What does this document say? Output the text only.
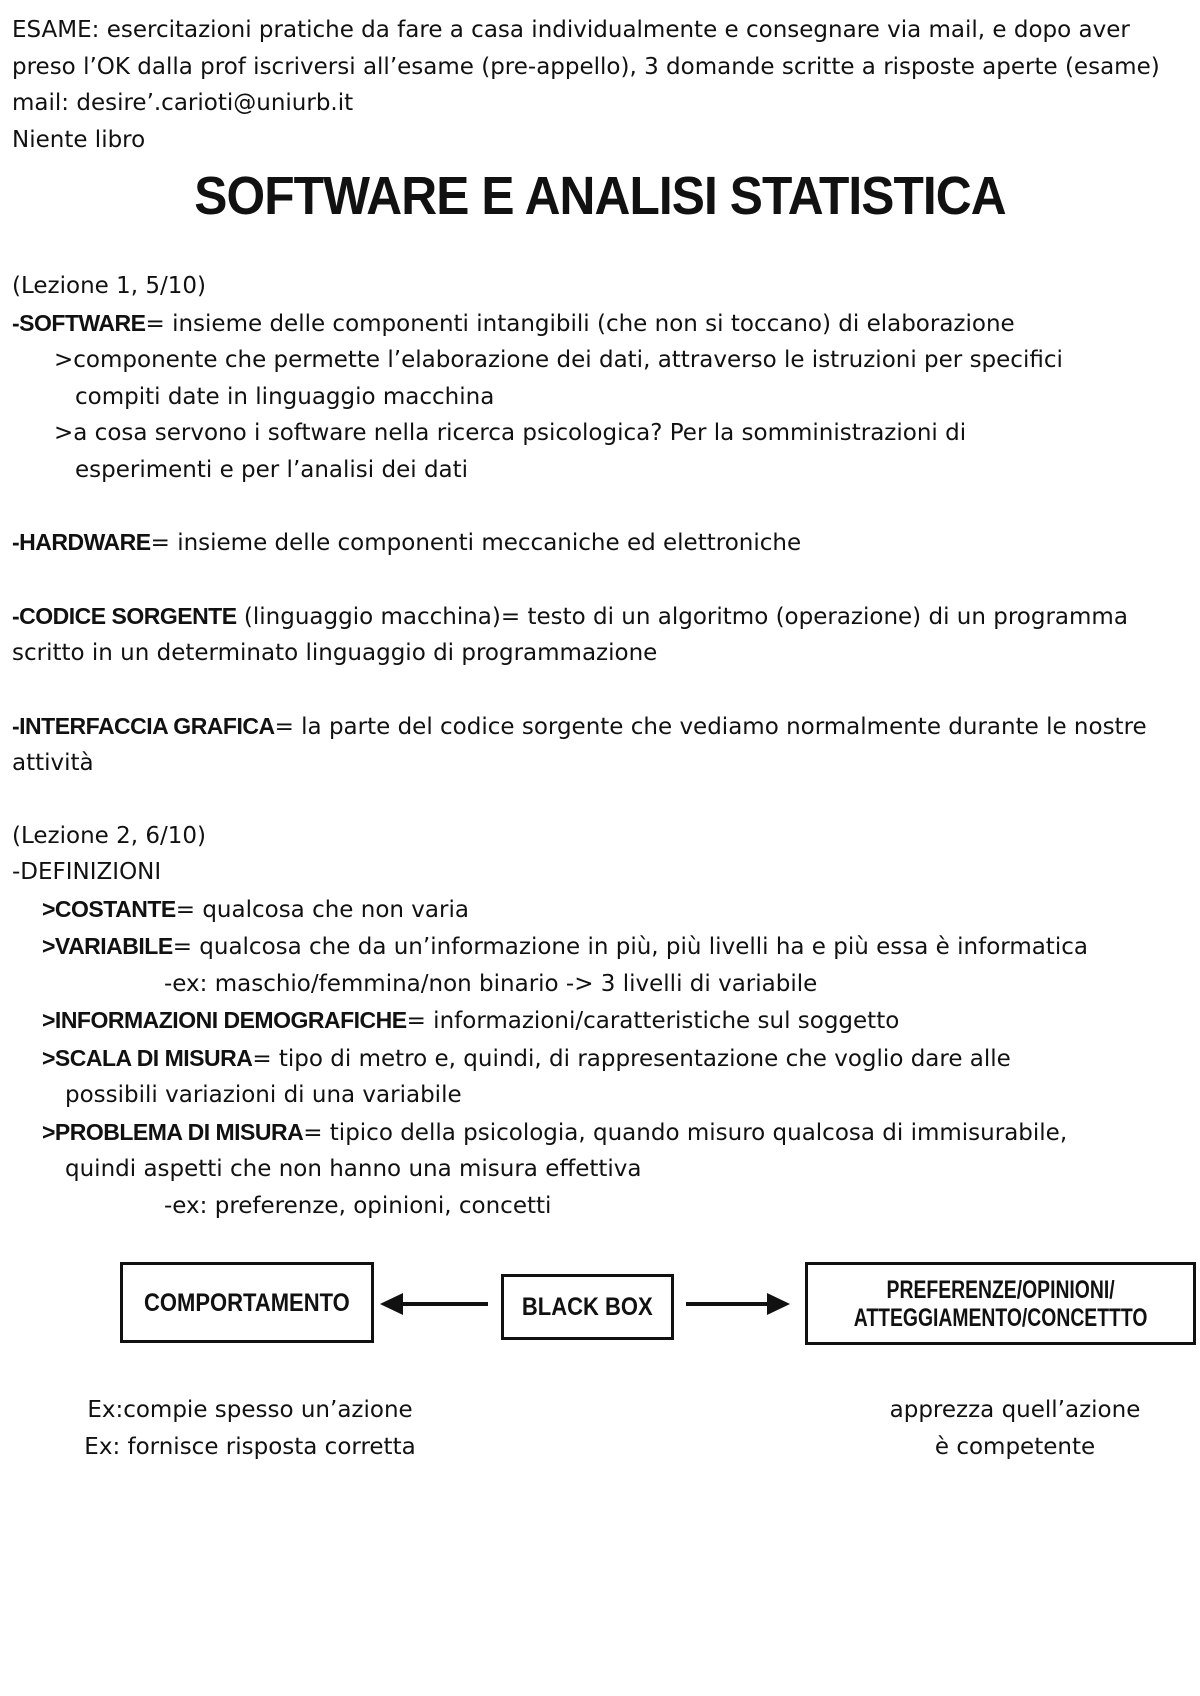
ESAME: esercitazioni pratiche da fare a casa individualmente e consegnare via mail, e dopo aver preso l’OK dalla prof iscriversi all’esame (pre-appello), 3 domande scritte a risposte aperte (esame)

mail: desire’.carioti@uniurb.it

Niente libro

SOFTWARE E ANALISI STATISTICA

(Lezione 1, 5/10)

-SOFTWARE= insieme delle componenti intangibili (che non si toccano) di elaborazione

>componente che permette l’elaborazione dei dati, attraverso le istruzioni per specifici

compiti date in linguaggio macchina

>a cosa servono i software nella ricerca psicologica? Per la somministrazioni di

esperimenti e per l’analisi dei dati

-HARDWARE= insieme delle componenti meccaniche ed elettroniche

-CODICE SORGENTE (linguaggio macchina)= testo di un algoritmo (operazione) di un programma scritto in un determinato linguaggio di programmazione

-INTERFACCIA GRAFICA= la parte del codice sorgente che vediamo normalmente durante le nostre attività

(Lezione 2, 6/10)

-DEFINIZIONI

>COSTANTE= qualcosa che non varia

>VARIABILE= qualcosa che da un’informazione in più, più livelli ha e più essa è informatica

-ex: maschio/femmina/non binario -> 3 livelli di variabile

>INFORMAZIONI DEMOGRAFICHE= informazioni/caratteristiche sul soggetto

>SCALA DI MISURA= tipo di metro e, quindi, di rappresentazione che voglio dare alle

possibili variazioni di una variabile

>PROBLEMA DI MISURA= tipico della psicologia, quando misuro qualcosa di immisurabile,

quindi aspetti che non hanno una misura effettiva

-ex: preferenze, opinioni, concetti

COMPORTAMENTO	BLACK BOX
PREFERENZE/OPINIONI/
ATTEGGIAMENTO/CONCETTTO

Ex:compie spesso un’azione

Ex: fornisce risposta corretta

apprezza quell’azione

è competente
